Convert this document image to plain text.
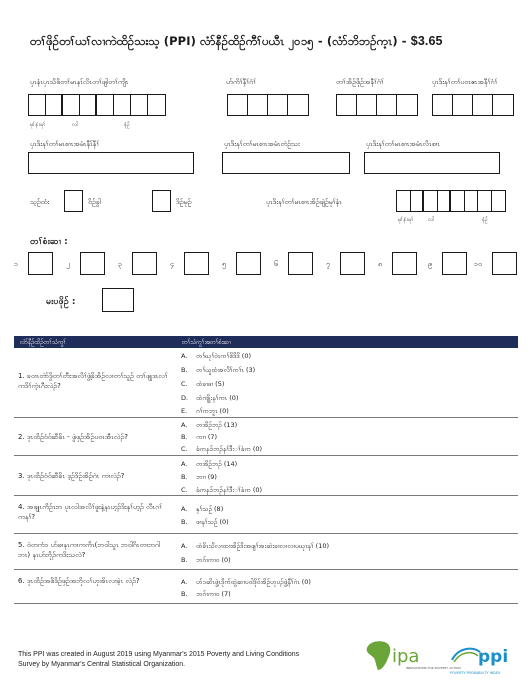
တၢ်ဖိုဉ်တၢ်ယၢ်လၢကဲထိဉ်သးသ့ (PPI) လံာ်နီဉ်ထိဉ်ကီၢ်ပယီၤ ၂၀၁၅ - (လံာ်ဘိဘဉ်က့ၤ) - $3.65
ပှၤနံၤပှၤသိဖိတၢ်မၤနၤ်လိၤတၢ်ဖျါတၢ်ကျိၤ	ဟ်ကိၢ်နီၢ်ဂံၢ်	တၢ်အိဉ်ဖိုဉ်အနီၢ်ဂံၢ်	ပှၤဒိးနၢ်တၢ်ပ၀ၤဧၤအနီၢ်ဂံၢ်
မုၢ်နံၤမုၢ်	လါ	နံဉ်
ပှၤဒိးနၢ်တၢ်မၤစၢၤအမံၤနီၤ်နီၢ်	ပှၤဒိးနၢ်တၢ်မၤစၢၤအမံၤတဲဉ်သး	ပှၤဒိးနၢ်တၢ်မၤစၢၤအမံၤလိၤစၢၤ
သ့ဉ်ထံး	ဝိဉ်ခွါ	ဒိဉ်မုဉ်	ပှၤဒိးနၢ်တၢ်မၤစၢၤအိဉ်ဖျဲဉ်မုၢ်နံၤ
မုၢ်နံၤမုၢ်	လါ	နံဉ်
တၢ်စံးဆၢ :
၁	၂	၃	၄	၅	၆	၇	၈	၉	၁၀
မးပဖိုဉ် :
လံာ်နီဉ်ထိဉ်တၢ်သံကွၢ်	တၢ်သံကွၢ်အတၢ်စံးဆၢ
1. ခ၀ၢၤတဲာ်ဒွိတၢ်တီးအလိၢ်ဖွဲ့ခိအိဉ်လၢတၢ်သူဉ် တၢ်ဖျုဒၤလၢ်ကဒိၢ်ကဲ့ၤဂီးလဲၣ်?
A. တၢ်ဃုၢ်၀ဲၤကၢ်ဖိဒိဒိ (0)
B. တၢ်ယူထံအလိၢ်ကၢ်ၤ (3)
C. ထံခၢဖၢ (5)
D. ထံကျိုးနၢ်ကၤ (0)
E. ဂၢ်ကဘူၤ (0)
2. ဒုၤထိဉ်ဝံဝ်ဆီခိၤ - ဖွဲဖှဉ်အိဉ်ပ၀ၤအီၤလဲၣ်?
A. တအိဉ်ဘၣ် (13)
B. ကၢၢ (7)
C. ခံကနၥ်ဘၣ်နၢ်ဒီးၢ်ခံက (0)
3. ဒုၤထိဉ်ဝံဝ်ဆီခိၤ ဒ့ဉ်ဒိဉ်အိဉ်ဂဲၤ ကၢလဲၣ်?
A. တအိဉ်ဘၣ် (14)
B. ဘၢၢ (9)
C. ခံကနၥ်ဘၣ်နၢ်ဒီးၢ်ခံက (0)
4. အဖျုၤကိဉ်ၤဘ ပုၤလါအလိၢ်ဖူးနဲ့နၤဟ့ၣ်ဒိးနၢ်ဟ့ၣ် လီၤဂၢ်ကနၢ်?
A. နှၢ်သဉ် (8)
B. ဖၢနၢ်သဉ် (0)
5. ဝဲတကံၥ ဟ်ဖၢနၤကၢကကိၤ(ဘ၀ါသူၤ ဘ၀ါဂိၤတၢဘဂါဘၤ) နၤဟ်ဘိုၣ်ကဒိးသလဲ?
A. ထံခိၤသိလၢထၢအိဉ်ဒိးအဖျၢ်အးဆဲးခၢလၢလၢပဃုၤနၢ် (10)
B. ဘဂ်ၢကၢ၀ (0)
6. ဒုၤထိဉ်အဖိဒိဉ်ဖှဉ်အဘိုလၢ်ဟုအိၤလၢခဲ့ၤ လဲၣ်?	A. ဟ်ၥဆိၤဖွဲ့ၤဒိုက်ထွဲဆၢပ၀ါဒိုဝ်အိဉ်ဟုပၣ်ဖွဲ့နီၢ်ဂဲၤ (0)
B. ဘဂ်ၢကၢ၀ (7)
This PPI was created in August 2019 using Myanmar's 2015 Poverty and Living Conditions Survey by Myanmar's Central Statistical Organization.	ipa
INNOVATIONS FOR POVERTY ACTION
ppi
POVERTY PROBABILITY INDEX
